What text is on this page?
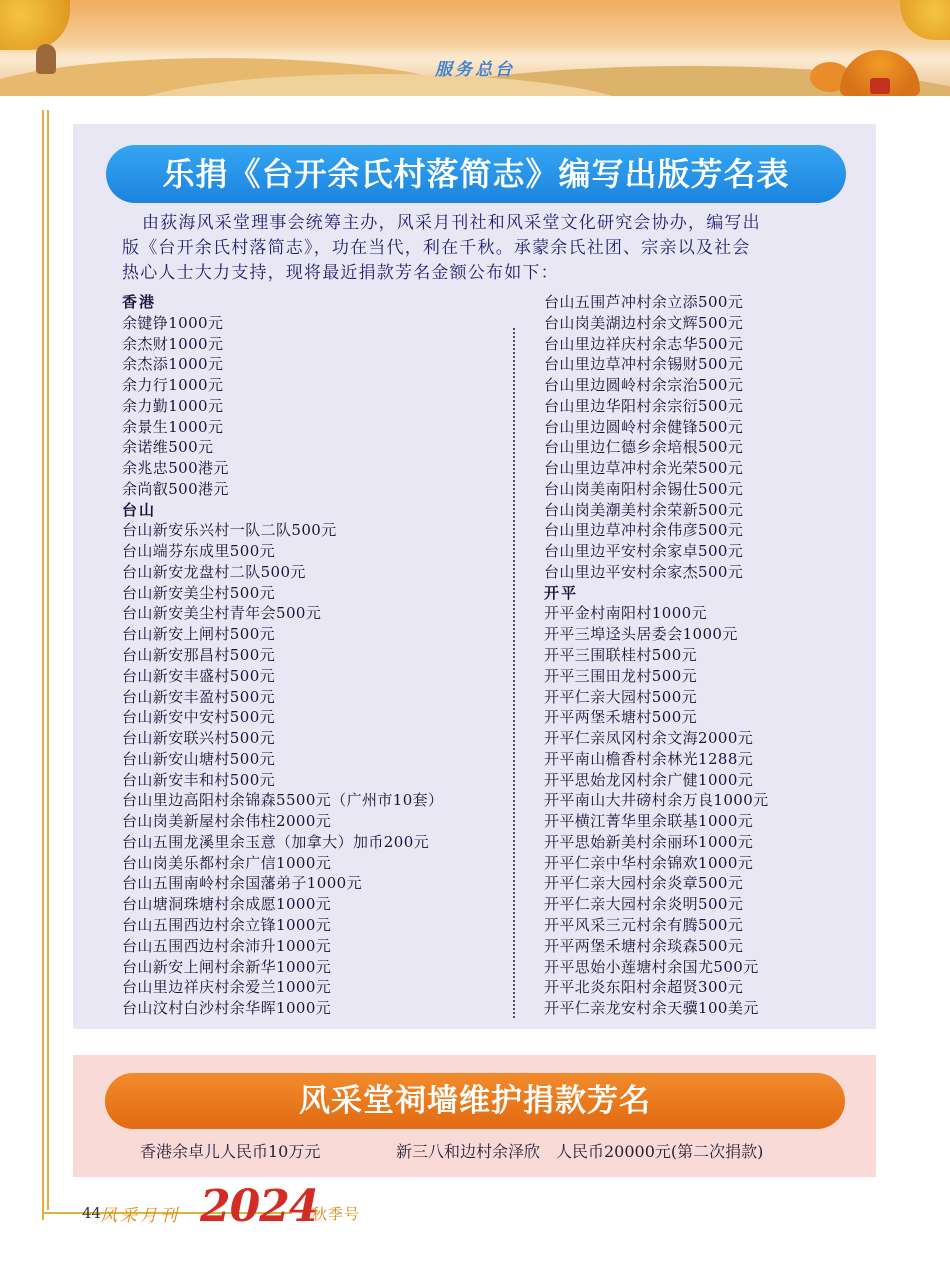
服务总台
乐捐《台开余氏村落简志》编写出版芳名表
由荻海风采堂理事会统筹主办，风采月刊社和风采堂文化研究会协办，编写出
版《台开余氏村落简志》，功在当代，利在千秋。承蒙余氏社团、宗亲以及社会
热心人士大力支持，现将最近捐款芳名金额公布如下：
香港
余键铮1000元
余杰财1000元
余杰添1000元
余力行1000元
余力勤1000元
余景生1000元
余诺维500元
余兆忠500港元
余尚叡500港元
台山
台山新安乐兴村一队二队500元
台山端芬东成里500元
台山新安龙盘村二队500元
台山新安美尘村500元
台山新安美尘村青年会500元
台山新安上闸村500元
台山新安那昌村500元
台山新安丰盛村500元
台山新安丰盈村500元
台山新安中安村500元
台山新安联兴村500元
台山新安山塘村500元
台山新安丰和村500元
台山里边高阳村余锦森5500元（广州市10套）
台山岗美新屋村余伟柱2000元
台山五围龙溪里余玉意（加拿大）加币200元
台山岗美乐都村余广信1000元
台山五围南岭村余国藩弟子1000元
台山塘洞珠塘村余成愿1000元
台山五围西边村余立锋1000元
台山五围西边村余沛升1000元
台山新安上闸村余新华1000元
台山里边祥庆村余爱兰1000元
台山汶村白沙村余华晖1000元
台山五围芦冲村余立添500元
台山岗美湖边村余文辉500元
台山里边祥庆村余志华500元
台山里边草冲村余锡财500元
台山里边圆岭村余宗治500元
台山里边华阳村余宗衍500元
台山里边圆岭村余健锋500元
台山里边仁德乡余培根500元
台山里边草冲村余光荣500元
台山岗美南阳村余锡仕500元
台山岗美潮美村余荣新500元
台山里边草冲村余伟彦500元
台山里边平安村余家卓500元
台山里边平安村余家杰500元
开平
开平金村南阳村1000元
开平三埠迳头居委会1000元
开平三围联桂村500元
开平三围田龙村500元
开平仁亲大园村500元
开平两堡禾塘村500元
开平仁亲凤冈村余文海2000元
开平南山檐香村余林光1288元
开平思始龙冈村余广健1000元
开平南山大井磅村余万良1000元
开平横江菁华里余联基1000元
开平思始新美村余丽环1000元
开平仁亲中华村余锦欢1000元
开平仁亲大园村余炎章500元
开平仁亲大园村余炎明500元
开平风采三元村余有腾500元
开平两堡禾塘村余琰森500元
开平思始小莲塘村余国尤500元
开平北炎东阳村余超贤300元
开平仁亲龙安村余天骥100美元
风采堂祠墙维护捐款芳名
香港余卓儿人民币10万元	新三八和边村余泽欣　人民币20000元(第二次捐款)
44
风采月刊 2024
秋季号
